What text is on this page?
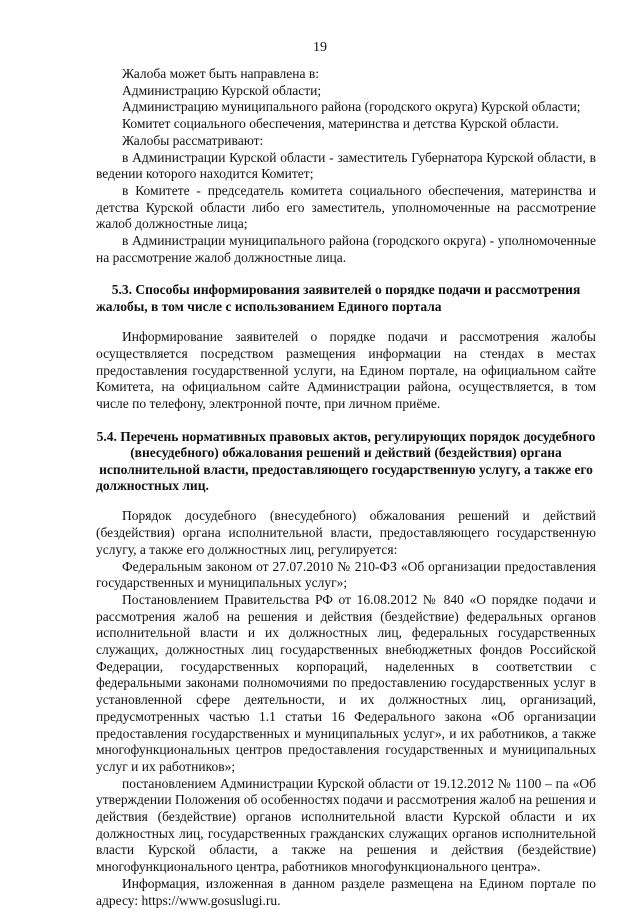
19

Жалоба может быть направлена в:

Администрацию Курской области;

Администрацию муниципального района (городского округа) Курской области;

Комитет социального обеспечения, материнства и детства Курской области.

Жалобы рассматривают:

в Администрации Курской области - заместитель Губернатора Курской области, в ведении которого находится Комитет;

в Комитете - председатель комитета социального обеспечения, материнства и детства Курской области либо его заместитель, уполномоченные на рассмотрение жалоб должностные лица;

в Администрации муниципального района (городского округа) - уполномоченные на рассмотрение жалоб должностные лица.

5.3. Способы информирования заявителей о порядке подачи и рассмотрения жалобы, в том числе с использованием Единого портала

Информирование заявителей о порядке подачи и рассмотрения жалобы осуществляется посредством размещения информации на стендах в местах предоставления государственной услуги, на Едином портале, на официальном сайте Комитета, на официальном сайте Администрации района, осуществляется, в том числе по телефону, электронной почте, при личном приёме.

5.4. Перечень нормативных правовых актов, регулирующих порядок досудебного (внесудебного) обжалования решений и действий (бездействия) органа исполнительной власти, предоставляющего государственную услугу, а также его должностных лиц.

Порядок досудебного (внесудебного) обжалования решений и действий (бездействия) органа исполнительной власти, предоставляющего государственную услугу, а также его должностных лиц, регулируется:

Федеральным законом от 27.07.2010 № 210-ФЗ «Об организации предоставления государственных и муниципальных услуг»;

Постановлением Правительства РФ от 16.08.2012 № 840 «О порядке подачи и рассмотрения жалоб на решения и действия (бездействие) федеральных органов исполнительной власти и их должностных лиц, федеральных государственных служащих, должностных лиц государственных внебюджетных фондов Российской Федерации, государственных корпораций, наделенных в соответствии с федеральными законами полномочиями по предоставлению государственных услуг в установленной сфере деятельности, и их должностных лиц, организаций, предусмотренных частью 1.1 статьи 16 Федерального закона «Об организации предоставления государственных и муниципальных услуг», и их работников, а также многофункциональных центров предоставления государственных и муниципальных услуг и их работников»;

постановлением Администрации Курской области от 19.12.2012 № 1100 – па «Об утверждении Положения об особенностях подачи и рассмотрения жалоб на решения и действия (бездействие) органов исполнительной власти Курской области и их должностных лиц, государственных гражданских служащих органов исполнительной власти Курской области, а также на решения и действия (бездействие) многофункционального центра, работников многофункционального центра».

Информация, изложенная в данном разделе размещена на Едином портале по адресу: https://www.gosuslugi.ru.
